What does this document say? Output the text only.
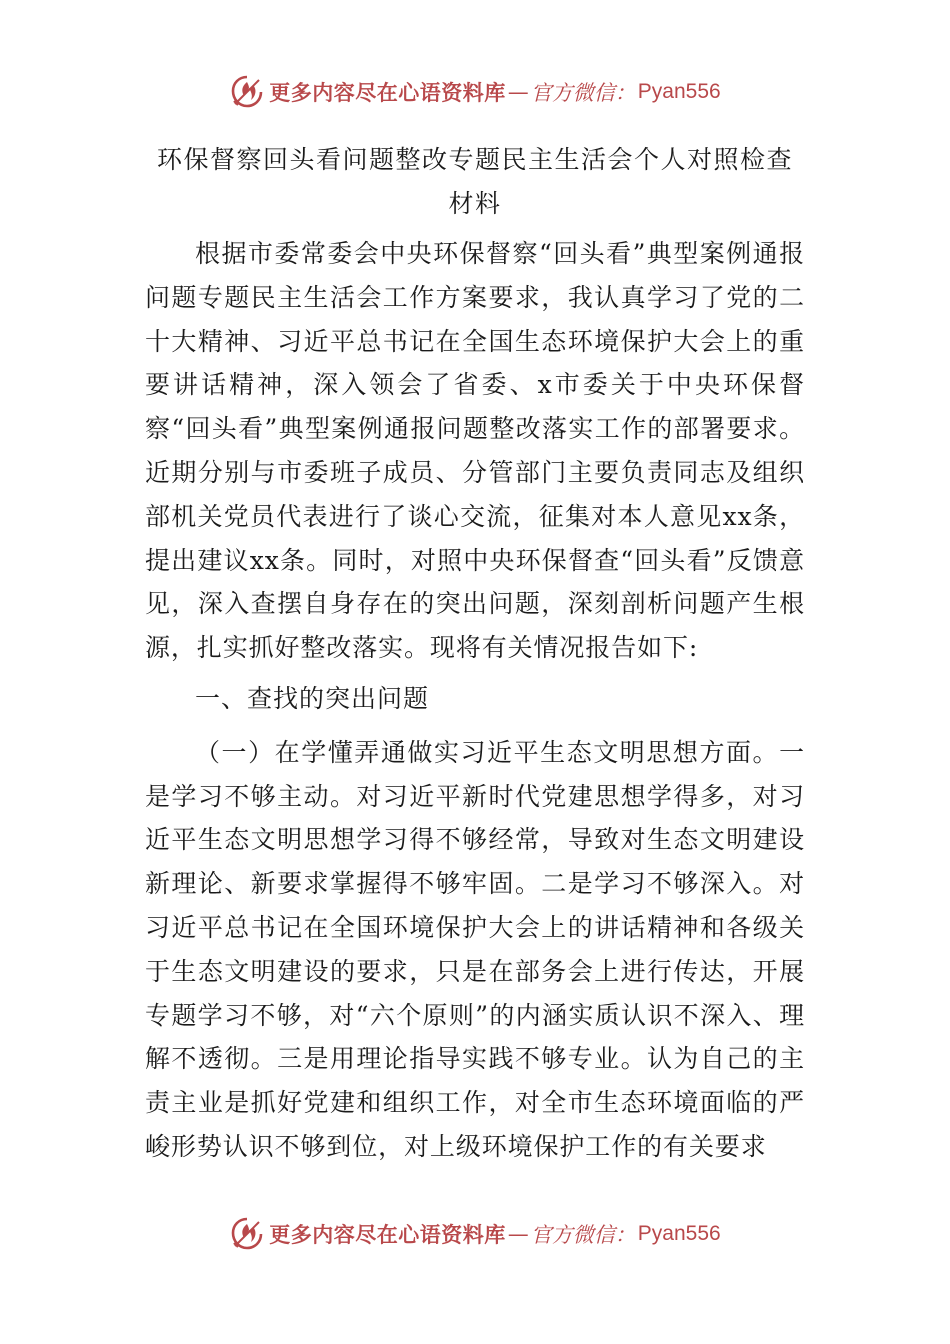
更多内容尽在心语资料库 — 官方微信： Pyan556
环保督察回头看问题整改专题民主生活会个人对照检查材料

根据市委常委会中央环保督察“回头看”典型案例通报问题专题民主生活会工作方案要求，我认真学习了党的二十大精神、习近平总书记在全国生态环境保护大会上的重要讲话精神，深入领会了省委、x市委关于中央环保督察“回头看”典型案例通报问题整改落实工作的部署要求。近期分别与市委班子成员、分管部门主要负责同志及组织部机关党员代表进行了谈心交流，征集对本人意见xx条，提出建议xx条。同时，对照中央环保督查“回头看”反馈意见，深入查摆自身存在的突出问题，深刻剖析问题产生根源，扎实抓好整改落实。现将有关情况报告如下:

一、查找的突出问题

（一）在学懂弄通做实习近平生态文明思想方面。一是学习不够主动。对习近平新时代党建思想学得多，对习近平生态文明思想学习得不够经常，导致对生态文明建设新理论、新要求掌握得不够牢固。二是学习不够深入。对习近平总书记在全国环境保护大会上的讲话精神和各级关于生态文明建设的要求，只是在部务会上进行传达，开展专题学习不够，对“六个原则”的内涵实质认识不深入、理解不透彻。三是用理论指导实践不够专业。认为自己的主责主业是抓好党建和组织工作，对全市生态环境面临的严峻形势认识不够到位，对上级环境保护工作的有关要求

更多内容尽在心语资料库 — 官方微信： Pyan556
